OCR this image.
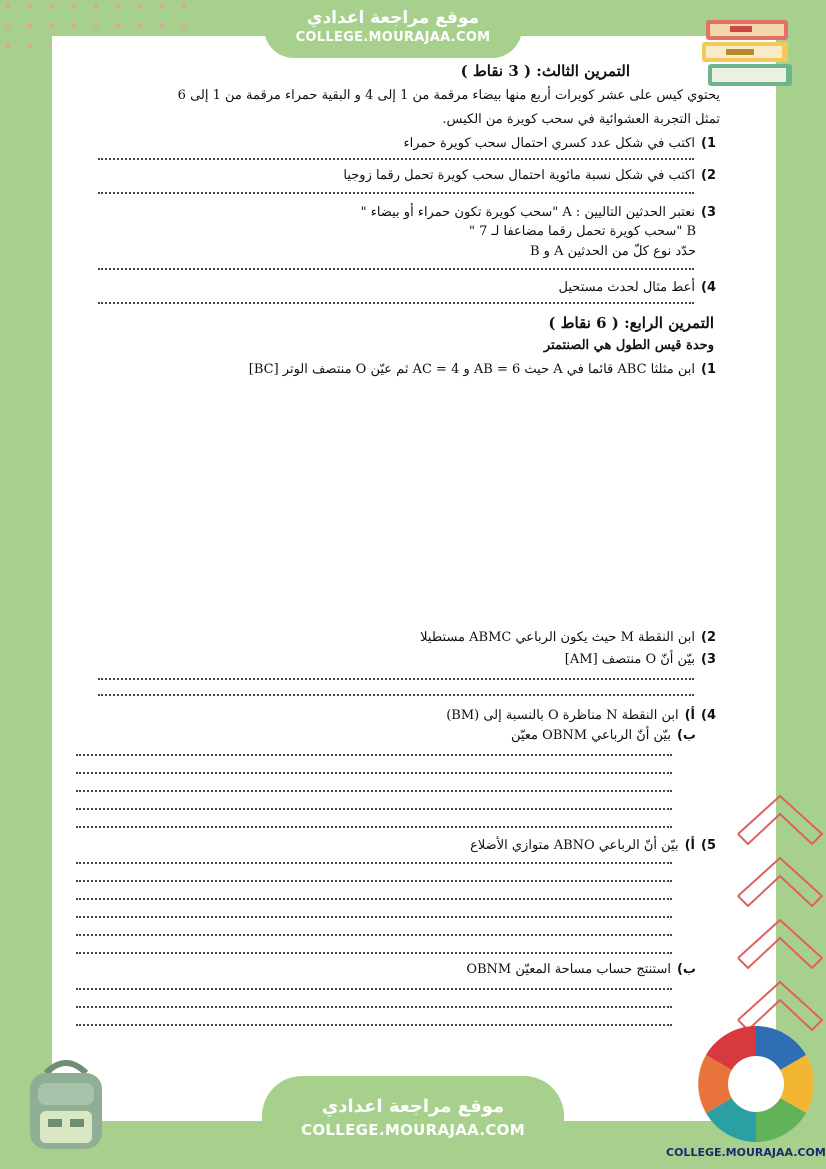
موقع مراجعة اعدادي
COLLEGE.MOURAJAA.COM
التمرين الثالث: ( 3 نقاط )
يحتوي كيس على عشر كويرات أربع منها بيضاء مرقمة من 1 إلى 4 و البقية حمراء مرقمة من 1 إلى 6
تمثل التجربة العشوائية في سحب كويرة من الكيس.
1)اكتب في شكل عدد كسري احتمال سحب كويرة حمراء
2)اكتب في شكل نسبة مائوية احتمال سحب كويرة تحمل رقما زوجيا
3)نعتبر الحدثين التاليين : A "سحب كويرة تكون حمراء أو بيضاء "
B "سحب كويرة تحمل رقما مضاعفا لـ 7 "
حدّد نوع كلّ من الحدثين A و B
4)أعط مثال لحدث مستحيل
التمرين الرابع: ( 6 نقاط )
وحدة قيس الطول هي الصنتمتر
1)ابن مثلثا ABC قائما في A حيث AB = 6 و AC = 4 ثم عيّن O منتصف الوتر [BC]
2)ابن النقطة M حيث يكون الرباعي ABMC مستطيلا
3)بيّن أنّ O منتصف [AM]
4)أ)ابن النقطة N مناظرة O بالنسبة إلى (BM)
ب)بيّن أنّ الرباعي OBNM معيّن
5)أ)بيّن أنّ الرباعي ABNO متوازي الأضلاع
ب)استنتج حساب مساحة المعيّن OBNM
موقع مراجعة اعدادي
COLLEGE.MOURAJAA.COM
COLLEGE.MOURAJAA.COM
